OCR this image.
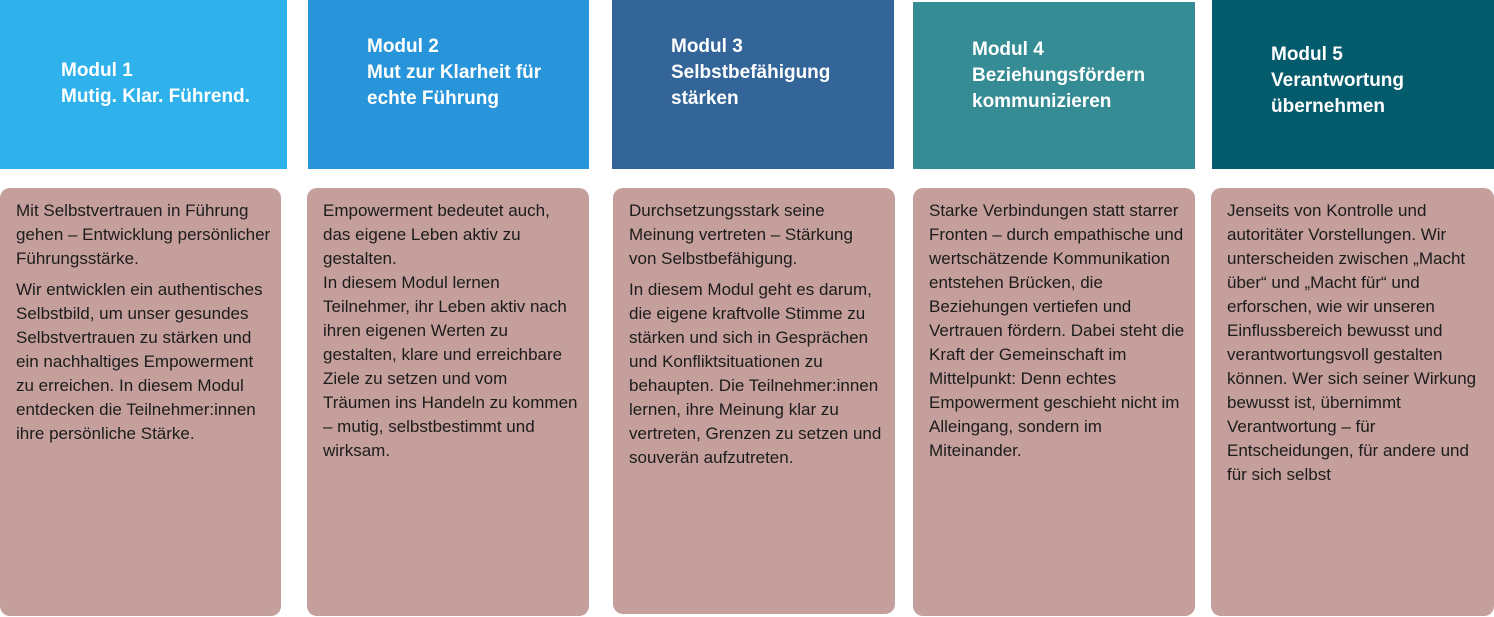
Modul 1
Mutig. Klar. Führend.
Modul 2
Mut zur Klarheit für
echte Führung
Modul 3
Selbstbefähigung
stärken
Modul 4
Beziehungsfördern
kommunizieren
Modul 5
Verantwortung
übernehmen

Mit Selbstvertrauen in Führung gehen – Entwicklung persönlicher Führungsstärke.

Wir entwicklen ein authentisches Selbstbild, um unser gesundes Selbstvertrauen zu stärken und ein nachhaltiges Empowerment zu erreichen. In diesem Modul entdecken die Teilnehmer:innen ihre persönliche Stärke.

Empowerment bedeutet auch, das eigene Leben aktiv zu gestalten.

In diesem Modul lernen Teilnehmer, ihr Leben aktiv nach ihren eigenen Werten zu gestalten, klare und erreichbare Ziele zu setzen und vom Träumen ins Handeln zu kommen – mutig, selbstbestimmt und wirksam.

Durchsetzungsstark seine Meinung vertreten – Stärkung von Selbstbefähigung.

In diesem Modul geht es darum, die eigene kraftvolle Stimme zu stärken und sich in Gesprächen und Konfliktsituationen zu behaupten. Die Teilnehmer:innen lernen, ihre Meinung klar zu vertreten, Grenzen zu setzen und souverän aufzutreten.

Starke Verbindungen statt starrer Fronten – durch empathische und wertschätzende Kommunikation entstehen Brücken, die Beziehungen vertiefen und Vertrauen fördern. Dabei steht die Kraft der Gemeinschaft im Mittelpunkt: Denn echtes Empowerment geschieht nicht im Alleingang, sondern im Miteinander.

Jenseits von Kontrolle und autoritäter Vorstellungen. Wir unterscheiden zwischen „Macht über“ und „Macht für“ und erforschen, wie wir unseren Einflussbereich bewusst und verantwortungsvoll gestalten können. Wer sich seiner Wirkung bewusst ist, übernimmt Verantwortung – für Entscheidungen, für andere und für sich selbst
